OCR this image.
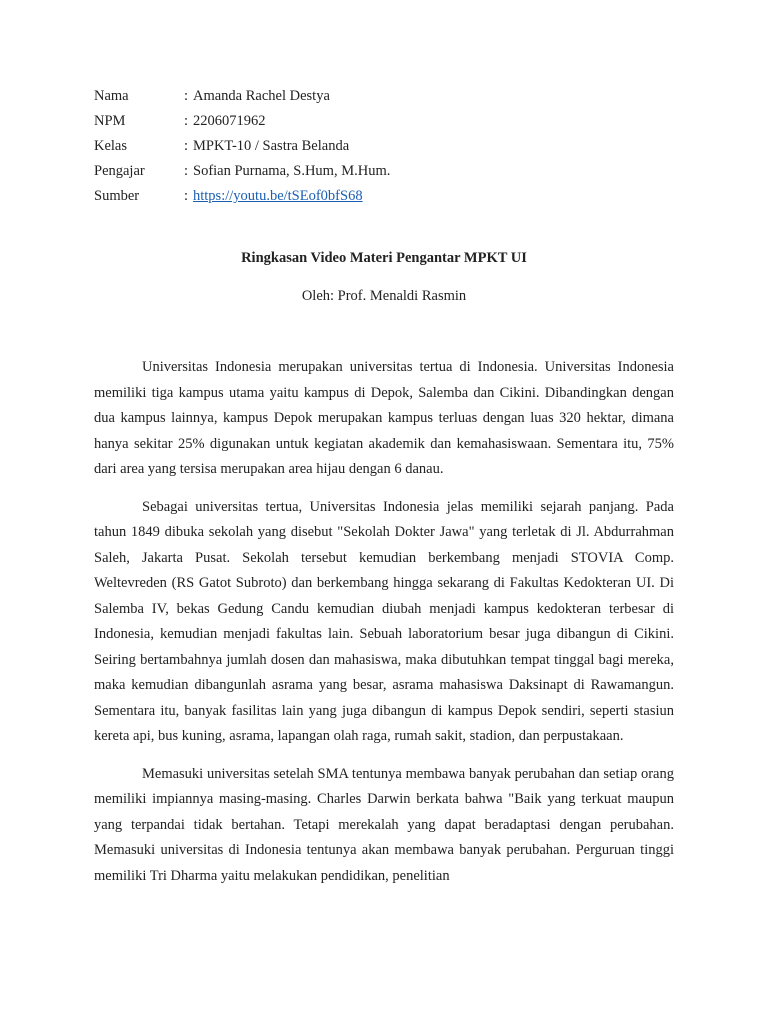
Nama	: Amanda Rachel Destya
NPM	: 2206071962
Kelas	: MPKT-10 / Sastra Belanda
Pengajar	: Sofian Purnama, S.Hum, M.Hum.
Sumber	: https://youtu.be/tSEof0bfS68
Ringkasan Video Materi Pengantar MPKT UI
Oleh: Prof. Menaldi Rasmin

Universitas Indonesia merupakan universitas tertua di Indonesia. Universitas Indonesia memiliki tiga kampus utama yaitu kampus di Depok, Salemba dan Cikini. Dibandingkan dengan dua kampus lainnya, kampus Depok merupakan kampus terluas dengan luas 320 hektar, dimana hanya sekitar 25% digunakan untuk kegiatan akademik dan kemahasiswaan. Sementara itu, 75% dari area yang tersisa merupakan area hijau dengan 6 danau.

Sebagai universitas tertua, Universitas Indonesia jelas memiliki sejarah panjang. Pada tahun 1849 dibuka sekolah yang disebut "Sekolah Dokter Jawa" yang terletak di Jl. Abdurrahman Saleh, Jakarta Pusat. Sekolah tersebut kemudian berkembang menjadi STOVIA Comp. Weltevreden (RS Gatot Subroto) dan berkembang hingga sekarang di Fakultas Kedokteran UI. Di Salemba IV, bekas Gedung Candu kemudian diubah menjadi kampus kedokteran terbesar di Indonesia, kemudian menjadi fakultas lain. Sebuah laboratorium besar juga dibangun di Cikini. Seiring bertambahnya jumlah dosen dan mahasiswa, maka dibutuhkan tempat tinggal bagi mereka, maka kemudian dibangunlah asrama yang besar, asrama mahasiswa Daksinapt di Rawamangun. Sementara itu, banyak fasilitas lain yang juga dibangun di kampus Depok sendiri, seperti stasiun kereta api, bus kuning, asrama, lapangan olah raga, rumah sakit, stadion, dan perpustakaan.

Memasuki universitas setelah SMA tentunya membawa banyak perubahan dan setiap orang memiliki impiannya masing-masing. Charles Darwin berkata bahwa "Baik yang terkuat maupun yang terpandai tidak bertahan. Tetapi merekalah yang dapat beradaptasi dengan perubahan. Memasuki universitas di Indonesia tentunya akan membawa banyak perubahan. Perguruan tinggi memiliki Tri Dharma yaitu melakukan pendidikan, penelitian
